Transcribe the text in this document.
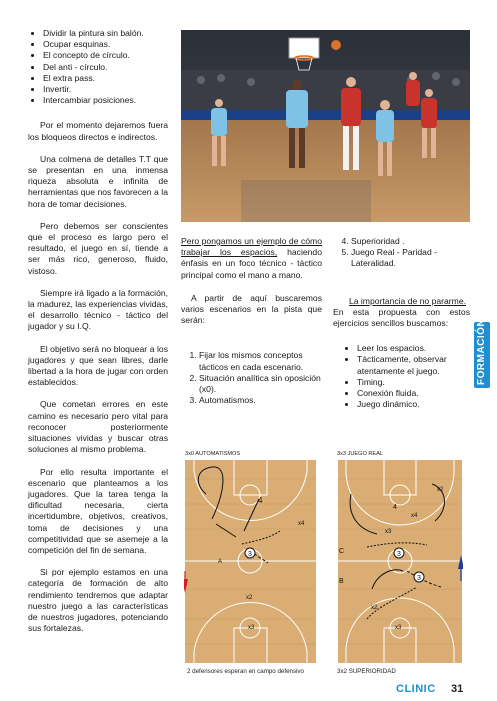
• Dividir la pintura sin balón.
• Ocupar esquinas.
• El concepto de círculo.
• Del anti - círculo.
• El extra pass.
• Invertir.
• Intercambiar posiciones.

Por el momento dejaremos fuera los bloqueos directos e indirectos.

Una colmena de detalles T.T que se presentan en una inmensa riqueza absoluta e infinita de herramientas que nos favorecen a la hora de tomar decisiones.

Pero debemos ser conscientes que el proceso es largo pero el resultado, el juego en sí, tiende a ser más rico, generoso, fluido, vistoso.

Siempre irá ligado a la formación, la madurez, las experiencias vividas, el desarrollo técnico - táctico del jugador y su I.Q.

El objetivo será no bloquear a los jugadores y que sean libres, darle libertad a la hora de jugar con orden establecidos.

Que cometan errores en este camino es necesario pero vital para reconocer posteriormente situaciones vividas y buscar otras soluciones al mismo problema.

Por ello resulta importante el escenario que planteamos a los jugadores. Que la tarea tenga la dificultad necesaria, cierta incertidumbre, objetivos, creativos, toma de decisiones y una competitividad que se asemeje a la competición del fin de semana.

Si por ejemplo estamos en una categoría de formación de alto rendimiento tendremos que adaptar nuestro juego a las características de nuestros jugadores, potenciando sus fortalezas.

Pero pongamos un ejemplo de cómo trabajar los espacios, haciendo énfasis en un foco técnico - táctico principal como el mano a mano.

A partir de aquí buscaremos varios escenarios en la pista que serán:

1. Fijar los mismos conceptos tácticos en cada escenario.
2. Situación analítica sin oposición (x0).
3. Automatismos.
4. Superioridad .
5. Juego Real - Paridad - Lateralidad.
La importancia de no pararme.

En esta propuesta con estos ejercicios sencillos buscamos:

• Leer los espacios.
• Tácticamente, observar atentamente el juego.
• Timing.
• Conexión fluida.
• Juego dinámico.
FORMACIÓN
3x0 AUTOMATISMOS	3x3 JUEGO REAL
3
4
x4
A
x2
x3
3
3
4
x2
x3
x4
C
B
x2
x3
2 defensores esperan en campo defensivo	3x2 SUPERIORIDAD
CLINIC 31
